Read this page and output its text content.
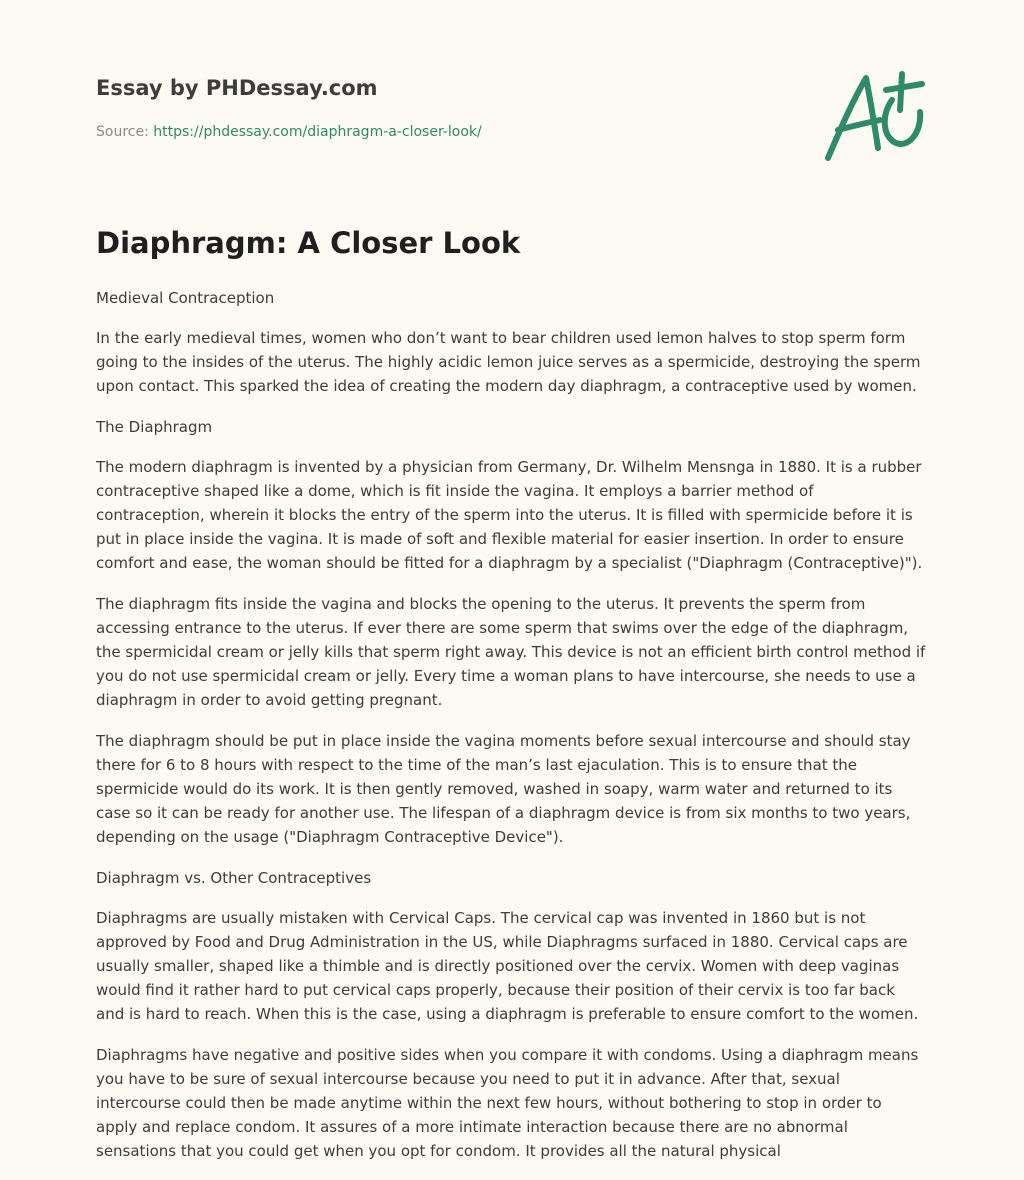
Essay by PHDessay.com
Source: https://phdessay.com/diaphragm-a-closer-look/
Diaphragm: A Closer Look

Medieval Contraception

In the early medieval times, women who don’t want to bear children used lemon halves to stop sperm form going to the insides of the uterus. The highly acidic lemon juice serves as a spermicide, destroying the sperm upon contact. This sparked the idea of creating the modern day diaphragm, a contraceptive used by women.

The Diaphragm

The modern diaphragm is invented by a physician from Germany, Dr. Wilhelm Mensnga in 1880. It is a rubber contraceptive shaped like a dome, which is fit inside the vagina. It employs a barrier method of contraception, wherein it blocks the entry of the sperm into the uterus. It is filled with spermicide before it is put in place inside the vagina. It is made of soft and flexible material for easier insertion. In order to ensure comfort and ease, the woman should be fitted for a diaphragm by a specialist ("Diaphragm (Contraceptive)").

The diaphragm fits inside the vagina and blocks the opening to the uterus. It prevents the sperm from accessing entrance to the uterus. If ever there are some sperm that swims over the edge of the diaphragm, the spermicidal cream or jelly kills that sperm right away. This device is not an efficient birth control method if you do not use spermicidal cream or jelly. Every time a woman plans to have intercourse, she needs to use a diaphragm in order to avoid getting pregnant.

The diaphragm should be put in place inside the vagina moments before sexual intercourse and should stay there for 6 to 8 hours with respect to the time of the man’s last ejaculation. This is to ensure that the spermicide would do its work. It is then gently removed, washed in soapy, warm water and returned to its case so it can be ready for another use. The lifespan of a diaphragm device is from six months to two years, depending on the usage ("Diaphragm Contraceptive Device").

Diaphragm vs. Other Contraceptives

Diaphragms are usually mistaken with Cervical Caps. The cervical cap was invented in 1860 but is not approved by Food and Drug Administration in the US, while Diaphragms surfaced in 1880. Cervical caps are usually smaller, shaped like a thimble and is directly positioned over the cervix. Women with deep vaginas would find it rather hard to put cervical caps properly, because their position of their cervix is too far back and is hard to reach. When this is the case, using a diaphragm is preferable to ensure comfort to the women.

Diaphragms have negative and positive sides when you compare it with condoms. Using a diaphragm means you have to be sure of sexual intercourse because you need to put it in advance. After that, sexual intercourse could then be made anytime within the next few hours, without bothering to stop in order to apply and replace condom. It assures of a more intimate interaction because there are no abnormal sensations that you could get when you opt for condom. It provides all the natural physical
